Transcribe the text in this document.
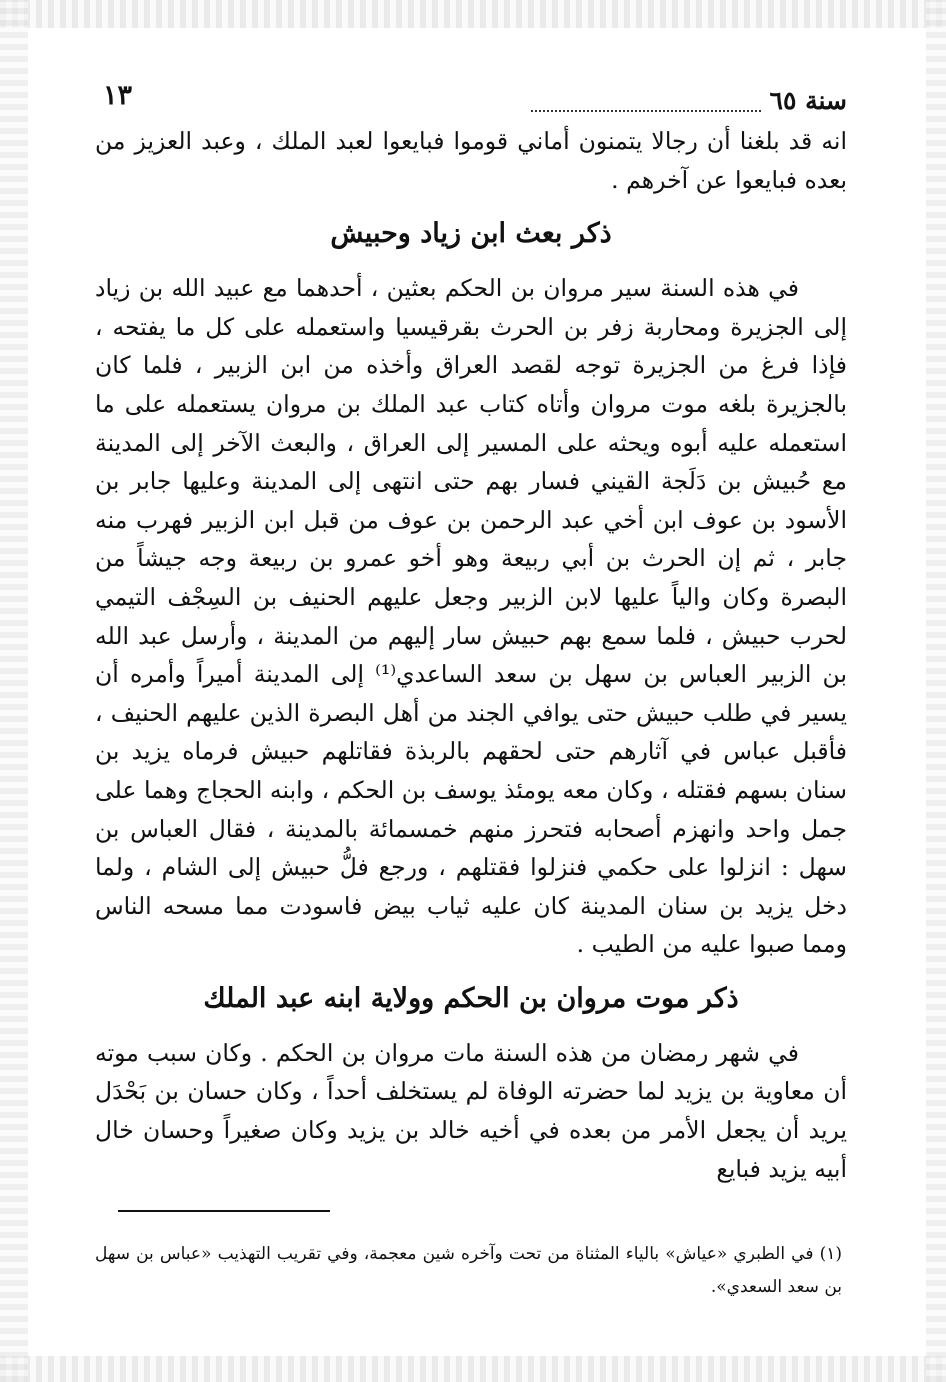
سنة ٦٥
١٣

انه قد بلغنا أن رجالا يتمنون أماني قوموا فبايعوا لعبد الملك ، وعبد العزيز من بعده فبايعوا عن آخرهم .

ذكر بعث ابن زياد وحبيش

في هذه السنة سير مروان بن الحكم بعثين ، أحدهما مع عبيد الله بن زياد إلى الجزيرة ومحاربة زفر بن الحرث بقرقيسيا واستعمله على كل ما يفتحه ، فإذا فرغ من الجزيرة توجه لقصد العراق وأخذه من ابن الزبير ، فلما كان بالجزيرة بلغه موت مروان وأتاه كتاب عبد الملك بن مروان يستعمله على ما استعمله عليه أبوه ويحثه على المسير إلى العراق ، والبعث الآخر إلى المدينة مع حُبيش بن دَلَجة القيني فسار بهم حتى انتهى إلى المدينة وعليها جابر بن الأسود بن عوف ابن أخي عبد الرحمن بن عوف من قبل ابن الزبير فهرب منه جابر ، ثم إن الحرث بن أبي ربيعة وهو أخو عمرو بن ربيعة وجه جيشاً من البصرة وكان والياً عليها لابن الزبير وجعل عليهم الحنيف بن السِجْف التيمي لحرب حبيش ، فلما سمع بهم حبيش سار إليهم من المدينة ، وأرسل عبد الله بن الزبير العباس بن سهل بن سعد الساعدي⁽¹⁾ إلى المدينة أميراً وأمره أن يسير في طلب حبيش حتى يوافي الجند من أهل البصرة الذين عليهم الحنيف ، فأقبل عباس في آثارهم حتى لحقهم بالربذة فقاتلهم حبيش فرماه يزيد بن سنان بسهم فقتله ، وكان معه يومئذ يوسف بن الحكم ، وابنه الحجاج وهما على جمل واحد وانهزم أصحابه فتحرز منهم خمسمائة بالمدينة ، فقال العباس بن سهل : انزلوا على حكمي فنزلوا فقتلهم ، ورجع فلُّ حبيش إلى الشام ، ولما دخل يزيد بن سنان المدينة كان عليه ثياب بيض فاسودت مما مسحه الناس ومما صبوا عليه من الطيب .

ذكر موت مروان بن الحكم وولاية ابنه عبد الملك

في شهر رمضان من هذه السنة مات مروان بن الحكم . وكان سبب موته أن معاوية بن يزيد لما حضرته الوفاة لم يستخلف أحداً ، وكان حسان بن بَحْدَل يريد أن يجعل الأمر من بعده في أخيه خالد بن يزيد وكان صغيراً وحسان خال أبيه يزيد فبايع

(١) في الطبري «عياش» بالياء المثناة من تحت وآخره شين معجمة، وفي تقريب التهذيب «عباس بن سهل بن سعد السعدي».
